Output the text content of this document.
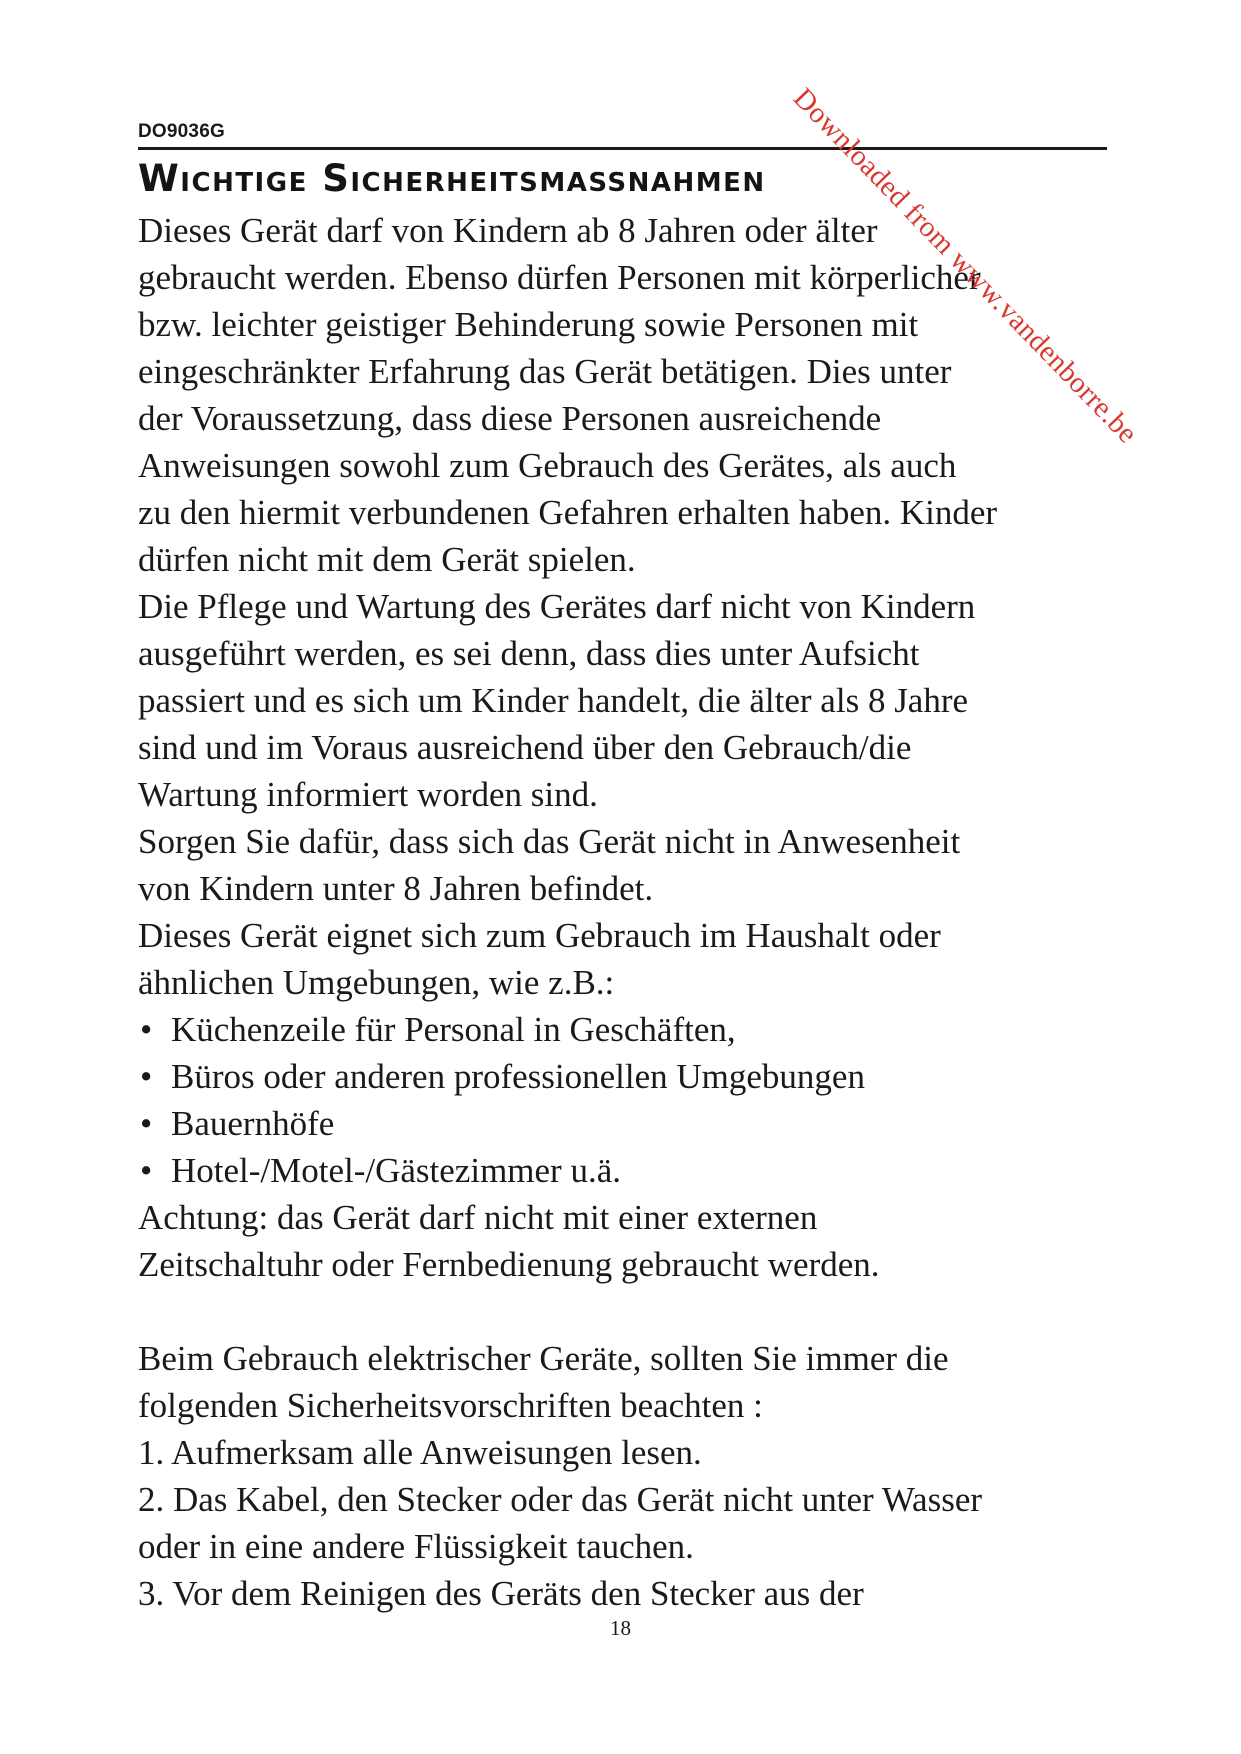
DO9036G
Wichtige Sicherheitsmassnahmen
Dieses Gerät darf von Kindern ab 8 Jahren oder älter
gebraucht werden. Ebenso dürfen Personen mit körperlicher
bzw. leichter geistiger Behinderung sowie Personen mit
eingeschränkter Erfahrung das Gerät betätigen. Dies unter
der Voraussetzung, dass diese Personen ausreichende
Anweisungen sowohl zum Gebrauch des Gerätes, als auch
zu den hiermit verbundenen Gefahren erhalten haben. Kinder
dürfen nicht mit dem Gerät spielen.
Die Pflege und Wartung des Gerätes darf nicht von Kindern
ausgeführt werden, es sei denn, dass dies unter Aufsicht
passiert und es sich um Kinder handelt, die älter als 8 Jahre
sind und im Voraus ausreichend über den Gebrauch/die
Wartung informiert worden sind.
Sorgen Sie dafür, dass sich das Gerät nicht in Anwesenheit
von Kindern unter 8 Jahren befindet.
Dieses Gerät eignet sich zum Gebrauch im Haushalt oder
ähnlichen Umgebungen, wie z.B.:
• Küchenzeile für Personal in Geschäften,
• Büros oder anderen professionellen Umgebungen
• Bauernhöfe
• Hotel-/Motel-/Gästezimmer u.ä.
Achtung: das Gerät darf nicht mit einer externen
Zeitschaltuhr oder Fernbedienung gebraucht werden.
Beim Gebrauch elektrischer Geräte, sollten Sie immer die
folgenden Sicherheitsvorschriften beachten :
1. Aufmerksam alle Anweisungen lesen.
2. Das Kabel, den Stecker oder das Gerät nicht unter Wasser
oder in eine andere Flüssigkeit tauchen.
3. Vor dem Reinigen des Geräts den Stecker aus der
18
Downloaded from www.vandenborre.be
